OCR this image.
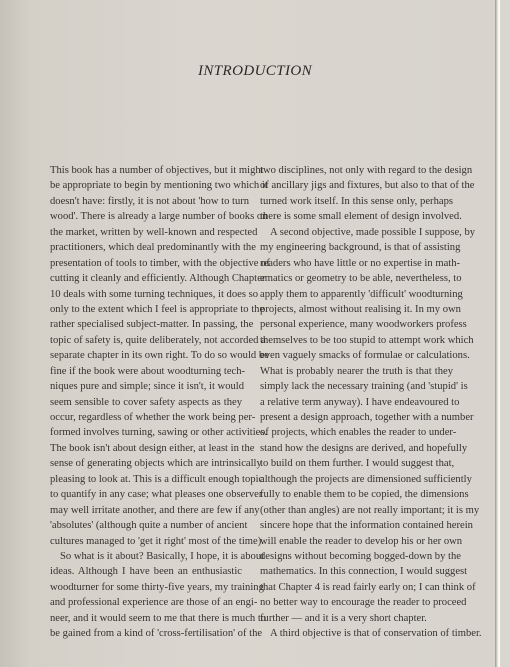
INTRODUCTION
This book has a number of objectives, but it might
be appropriate to begin by mentioning two which it
doesn't have: firstly, it is not about 'how to turn
wood'. There is already a large number of books on
the market, written by well-known and respected
practitioners, which deal predominantly with the
presentation of tools to timber, with the objective of
cutting it cleanly and efficiently. Although Chapter
10 deals with some turning techniques, it does so
only to the extent which I feel is appropriate to the
rather specialised subject-matter. In passing, the
topic of safety is, quite deliberately, not accorded a
separate chapter in its own right. To do so would be
fine if the book were about woodturning tech-
niques pure and simple; since it isn't, it would
seem sensible to cover safety aspects as they
occur, regardless of whether the work being per-
formed involves turning, sawing or other activities.
The book isn't about design either, at least in the
sense of generating objects which are intrinsically
pleasing to look at. This is a difficult enough topic
to quantify in any case; what pleases one observer
may well irritate another, and there are few if any
'absolutes' (although quite a number of ancient
cultures managed to 'get it right' most of the time).
So what is it about? Basically, I hope, it is about
ideas. Although I have been an enthusiastic
woodturner for some thirty-five years, my training
and professional experience are those of an engi-
neer, and it would seem to me that there is much to
be gained from a kind of 'cross-fertilisation' of the
two disciplines, not only with regard to the design
of ancillary jigs and fixtures, but also to that of the
turned work itself. In this sense only, perhaps
there is some small element of design involved.
A second objective, made possible I suppose, by
my engineering background, is that of assisting
readers who have little or no expertise in math-
ematics or geometry to be able, nevertheless, to
apply them to apparently 'difficult' woodturning
projects, almost without realising it. In my own
personal experience, many woodworkers profess
themselves to be too stupid to attempt work which
even vaguely smacks of formulae or calculations.
What is probably nearer the truth is that they
simply lack the necessary training (and 'stupid' is
a relative term anyway). I have endeavoured to
present a design approach, together with a number
of projects, which enables the reader to under-
stand how the designs are derived, and hopefully
to build on them further. I would suggest that,
although the projects are dimensioned sufficiently
fully to enable them to be copied, the dimensions
(other than angles) are not really important; it is my
sincere hope that the information contained herein
will enable the reader to develop his or her own
designs without becoming bogged-down by the
mathematics. In this connection, I would suggest
that Chapter 4 is read fairly early on; I can think of
no better way to encourage the reader to proceed
further — and it is a very short chapter.
A third objective is that of conservation of timber.
